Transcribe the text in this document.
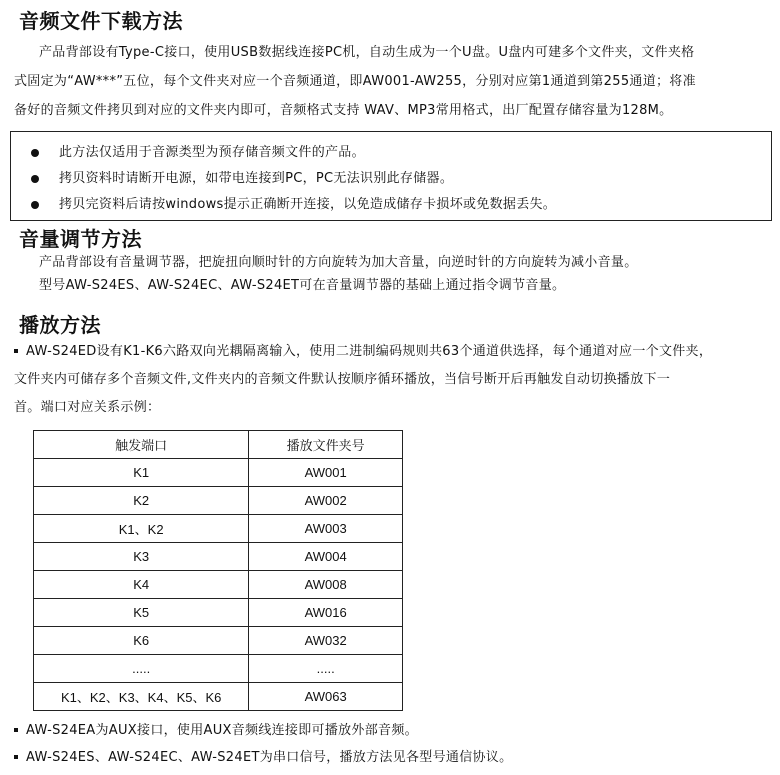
音频文件下载方法
产品背部设有Type-C接口，使用USB数据线连接PC机，自动生成为一个U盘。U盘内可建多个文件夹，文件夹格
式固定为“AW***”五位，每个文件夹对应一个音频通道，即AW001-AW255，分别对应第1通道到第255通道；将准
备好的音频文件拷贝到对应的文件夹内即可，音频格式支持 WAV、MP3常用格式，出厂配置存储容量为128M。
此方法仅适用于音源类型为预存储音频文件的产品。
拷贝资料时请断开电源，如带电连接到PC，PC无法识别此存储器。
拷贝完资料后请按windows提示正确断开连接，以免造成储存卡损坏或免数据丢失。
音量调节方法
产品背部设有音量调节器，把旋扭向顺时针的方向旋转为加大音量，向逆时针的方向旋转为减小音量。
型号AW-S24ES、AW-S24EC、AW-S24ET可在音量调节器的基础上通过指令调节音量。
播放方法
AW-S24ED设有K1-K6六路双向光耦隔离输入，使用二进制编码规则共63个通道供选择，每个通道对应一个文件夹，
文件夹内可储存多个音频文件,文件夹内的音频文件默认按顺序循环播放，当信号断开后再触发自动切换播放下一
首。端口对应关系示例：
触发端口	播放文件夹号
K1	AW001
K2	AW002
K1、K2	AW003
K3	AW004
K4	AW008
K5	AW016
K6	AW032
.....	.....
K1、K2、K3、K4、K5、K6	AW063
AW-S24EA为AUX接口，使用AUX音频线连接即可播放外部音频。
AW-S24ES、AW-S24EC、AW-S24ET为串口信号，播放方法见各型号通信协议。
